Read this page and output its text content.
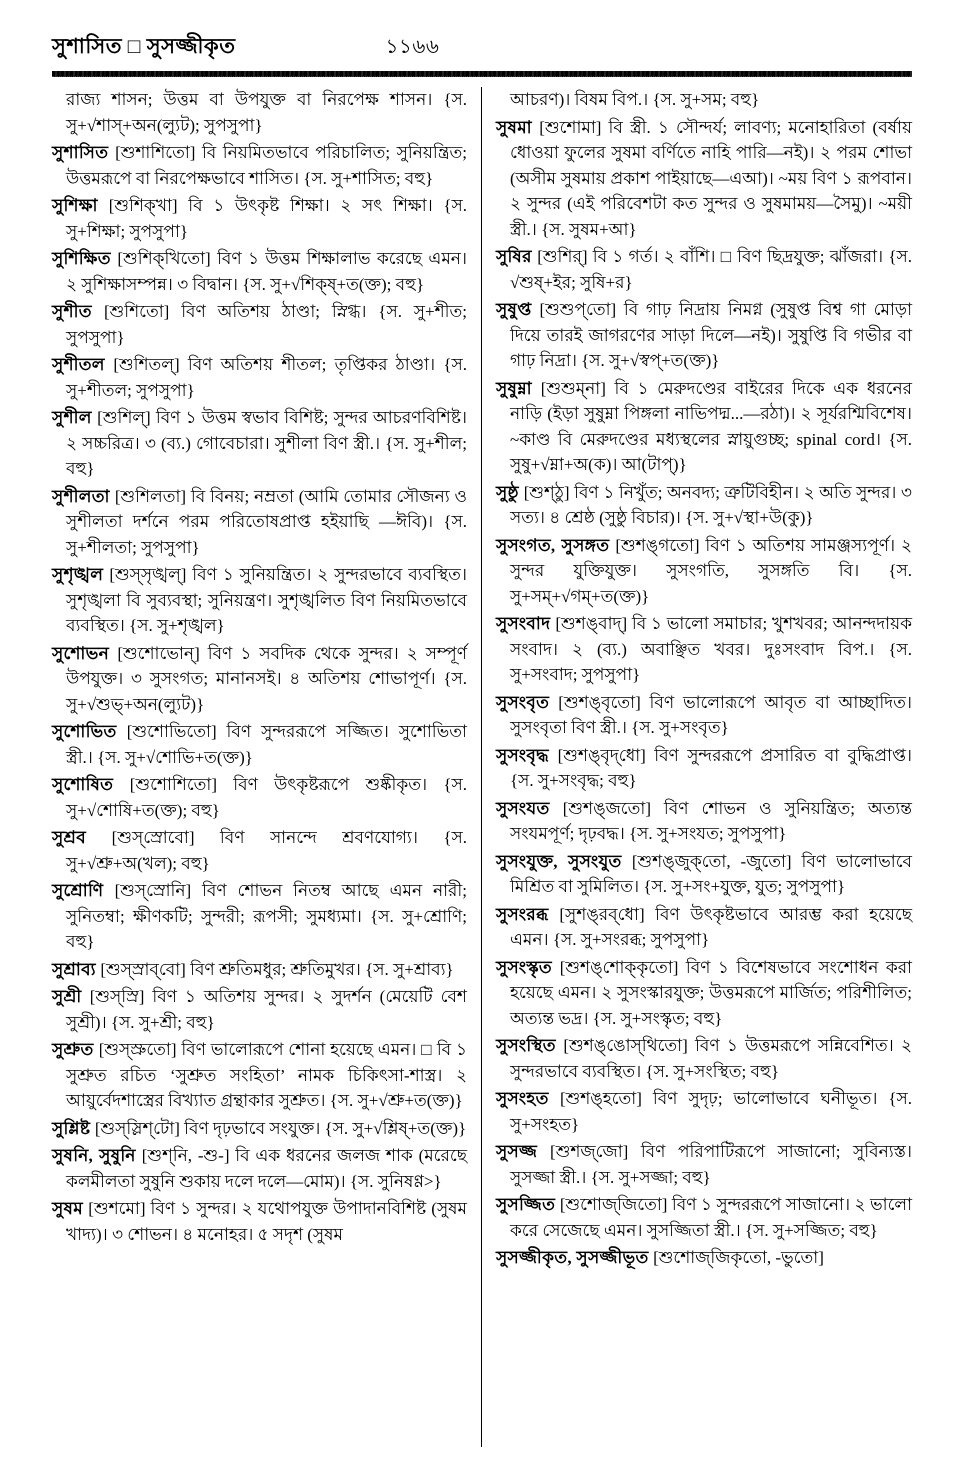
সুশাসিত □ সুসজ্জীকৃত	১১৬৬

রাজ্য শাসন; উত্তম বা উপযুক্ত বা নিরপেক্ষ শাসন। {স. সু+√শাস্+অন(ল্যুট); সুপসুপা}

সুশাসিত [শুশাশিতো] বি নিয়মিতভাবে পরিচালিত; সুনিয়ন্ত্রিত; উত্তমরূপে বা নিরপেক্ষভাবে শাসিত। {স. সু+শাসিত; বহু}

সুশিক্ষা [শুশিক্‌খা] বি ১ উৎকৃষ্ট শিক্ষা। ২ সৎ শিক্ষা। {স. সু+শিক্ষা; সুপসুপা}

সুশিক্ষিত [শুশিক্‌খিতো] বিণ ১ উত্তম শিক্ষালাভ করেছে এমন। ২ সুশিক্ষাসম্পন্ন। ৩ বিদ্বান। {স. সু+√শিক্ষ্+ত(ক্ত); বহু}

সুশীত [শুশিতো] বিণ অতিশয় ঠাণ্ডা; স্নিগ্ধ। {স. সু+শীত; সুপসুপা}

সুশীতল [শুশিতল্] বিণ অতিশয় শীতল; তৃপ্তিকর ঠাণ্ডা। {স. সু+শীতল; সুপসুপা}

সুশীল [শুশিল্] বিণ ১ উত্তম স্বভাব বিশিষ্ট; সুন্দর আচরণবিশিষ্ট। ২ সচ্চরিত্র। ৩ (ব্য.) গোবেচারা। সুশীলা বিণ স্ত্রী.। {স. সু+শীল; বহু}

সুশীলতা [শুশিলতা] বি বিনয়; নম্রতা (আমি তোমার সৌজন্য ও সুশীলতা দর্শনে পরম পরিতোষপ্রাপ্ত হইয়াছি —ঈবি)। {স. সু+শীলতা; সুপসুপা}

সুশৃঙ্খল [শুস্‌সৃঙ্খল্] বিণ ১ সুনিয়ন্ত্রিত। ২ সুন্দরভাবে ব্যবস্থিত। সুশৃঙ্খলা বি সুব্যবস্থা; সুনিয়ন্ত্রণ। সুশৃঙ্খলিত বিণ নিয়মিতভাবে ব্যবস্থিত। {স. সু+শৃঙ্খল}

সুশোভন [শুশোভোন্] বিণ ১ সবদিক থেকে সুন্দর। ২ সম্পূর্ণ উপযুক্ত। ৩ সুসংগত; মানানসই। ৪ অতিশয় শোভাপূর্ণ। {স. সু+√শুভ্+অন(ল্যুট)}

সুশোভিত [শুশোভিতো] বিণ সুন্দররূপে সজ্জিত। সুশোভিতা স্ত্রী.। {স. সু+√শোভি+ত(ক্ত)}

সুশোষিত [শুশোশিতো] বিণ উৎকৃষ্টরূপে শুষ্কীকৃত। {স. সু+√শোষি+ত(ক্ত); বহু}

সুশ্রব [শুস্‌স্রোবো] বিণ সানন্দে শ্রবণযোগ্য। {স. সু+√শ্রু+অ(খল); বহু}

সুশ্রোণি [শুস্‌স্রোনি] বিণ শোভন নিতম্ব আছে এমন নারী; সুনিতম্বা; ক্ষীণকটি; সুন্দরী; রূপসী; সুমধ্যমা। {স. সু+শ্রোণি; বহু}

সুশ্রাব্য [শুস্‌স্রাব্‌বো] বিণ শ্রুতিমধুর; শ্রুতিমুখর। {স. সু+শ্রাব্য}

সুশ্রী [শুস্‌স্রি] বিণ ১ অতিশয় সুন্দর। ২ সুদর্শন (মেয়েটি বেশ সুশ্রী)। {স. সু+শ্রী; বহু}

সুশ্রুত [শুস্‌স্রুতো] বিণ ভালোরূপে শোনা হয়েছে এমন। □ বি ১ সুশ্রুত রচিত ‘সুশ্রুত সংহিতা’ নামক চিকিৎসা-শাস্ত্র। ২ আয়ুর্বেদশাস্ত্রের বিখ্যাত গ্রন্থাকার সুশ্রুত। {স. সু+√শ্রু+ত(ক্ত)}

সুশ্লিষ্ট [শুস্‌স্লিশ্‌টো] বিণ দৃঢ়ভাবে সংযুক্ত। {স. সু+√শ্লিষ্+ত(ক্ত)}

সুষনি, সুষুনি [শুশ্‌নি, -শু-] বি এক ধরনের জলজ শাক (মরেছে কলমীলতা সুষুনি শুকায় দলে দলে—মোম)। {স. সুনিষণ্ণ>}

সুষম [শুশমো] বিণ ১ সুন্দর। ২ যথোপযুক্ত উপাদানবিশিষ্ট (সুষম খাদ্য)। ৩ শোভন। ৪ মনোহর। ৫ সদৃশ (সুষম

আচরণ)। বিষম বিপ.। {স. সু+সম; বহু}

সুষমা [শুশোমা] বি স্ত্রী. ১ সৌন্দর্য; লাবণ্য; মনোহারিতা (বর্ষায় ধোওয়া ফুলের সুষমা বর্ণিতে নাহি পারি—নই)। ২ পরম শোভা (অসীম সুষমায় প্রকাশ পাইয়াছে—এআ)। ~ময় বিণ ১ রূপবান। ২ সুন্দর (এই পরিবেশটা কত সুন্দর ও সুষমাময়—সৈমু)। ~ময়ী স্ত্রী.। {স. সুষম+আ}

সুষির [শুশির্] বি ১ গর্ত। ২ বাঁশি। □ বিণ ছিদ্রযুক্ত; ঝাঁজরা। {স. √শুষ্+ইর; সুষি+র}

সুষুপ্ত [শুশুপ্‌তো] বি গাঢ় নিদ্রায় নিমগ্ন (সুষুপ্ত বিশ্ব গা মোড়া দিয়ে তারই জাগরণের সাড়া দিলে—নই)। সুষুপ্তি বি গভীর বা গাঢ় নিদ্রা। {স. সু+√স্বপ্+ত(ক্ত)}

সুষুম্না [শুশুম্‌না] বি ১ মেরুদণ্ডের বাইরের দিকে এক ধরনের নাড়ি (ইড়া সুষুম্না পিঙ্গলা নাভিপদ্ম...—রঠা)। ২ সূর্যরশ্মিবিশেষ। ~কাণ্ড বি মেরুদণ্ডের মধ্যস্থলের স্নায়ুগুচ্ছ; spinal cord। {স. সুষু+√ম্না+অ(ক)। আ(টাপ্)}

সুষ্ঠু [শুশ্‌ঠু] বিণ ১ নিখুঁত; অনবদ্য; ত্রুটিবিহীন। ২ অতি সুন্দর। ৩ সত্য। ৪ শ্রেষ্ঠ (সুষ্ঠু বিচার)। {স. সু+√স্থা+উ(কু)}

সুসংগত, সুসঙ্গত [শুশঙ্‌গতো] বিণ ১ অতিশয় সামঞ্জস্যপূর্ণ। ২ সুন্দর যুক্তিযুক্ত। সুসংগতি, সুসঙ্গতি বি। {স. সু+সম্+√গম্+ত(ক্ত)}

সুসংবাদ [শুশঙ্‌বাদ্] বি ১ ভালো সমাচার; খুশখবর; আনন্দদায়ক সংবাদ। ২ (ব্য.) অবাঞ্ছিত খবর। দুঃসংবাদ বিপ.। {স. সু+সংবাদ; সুপসুপা}

সুসংবৃত [শুশঙ্‌বৃতো] বিণ ভালোরূপে আবৃত বা আচ্ছাদিত। সুসংবৃতা বিণ স্ত্রী.। {স. সু+সংবৃত}

সুসংবৃদ্ধ [শুশঙ্‌বৃদ্‌ধো] বিণ সুন্দররূপে প্রসারিত বা বুদ্ধিপ্রাপ্ত। {স. সু+সংবৃদ্ধ; বহু}

সুসংযত [শুশঙ্‌জতো] বিণ শোভন ও সুনিয়ন্ত্রিত; অত্যন্ত সংযমপূর্ণ; দৃঢ়বদ্ধ। {স. সু+সংযত; সুপসুপা}

সুসংযুক্ত, সুসংযুত [শুশঙ্‌জুক্‌তো, -জুতো] বিণ ভালোভাবে মিশ্রিত বা সুমিলিত। {স. সু+সং+যুক্ত, যুত; সুপসুপা}

সুসংরব্ধ [সুশঙ্‌রব্‌ধো] বিণ উৎকৃষ্টভাবে আরম্ভ করা হয়েছে এমন। {স. সু+সংরব্ধ; সুপসুপা}

সুসংস্কৃত [শুশঙ্‌শোক্‌কৃতো] বিণ ১ বিশেষভাবে সংশোধন করা হয়েছে এমন। ২ সুসংস্কারযুক্ত; উত্তমরূপে মার্জিত; পরিশীলিত; অত্যন্ত ভদ্র। {স. সু+সংস্কৃত; বহু}

সুসংস্থিত [শুশঙ্‌ঙোস্‌থিতো] বিণ ১ উত্তমরূপে সন্নিবেশিত। ২ সুন্দরভাবে ব্যবস্থিত। {স. সু+সংস্থিত; বহু}

সুসংহত [শুশঙ্‌হতো] বিণ সুদৃঢ়; ভালোভাবে ঘনীভূত। {স. সু+সংহত}

সুসজ্জ [শুশজ্‌জো] বিণ পরিপাটিরূপে সাজানো; সুবিন্যস্ত। সুসজ্জা স্ত্রী.। {স. সু+সজ্জা; বহু}

সুসজ্জিত [শুশোজ্‌জিতো] বিণ ১ সুন্দররূপে সাজানো। ২ ভালো করে সেজেছে এমন। সুসজ্জিতা স্ত্রী.। {স. সু+সজ্জিত; বহু}

সুসজ্জীকৃত, সুসজ্জীভূত [শুশোজ্‌জিকৃতো, -ভুতো]
